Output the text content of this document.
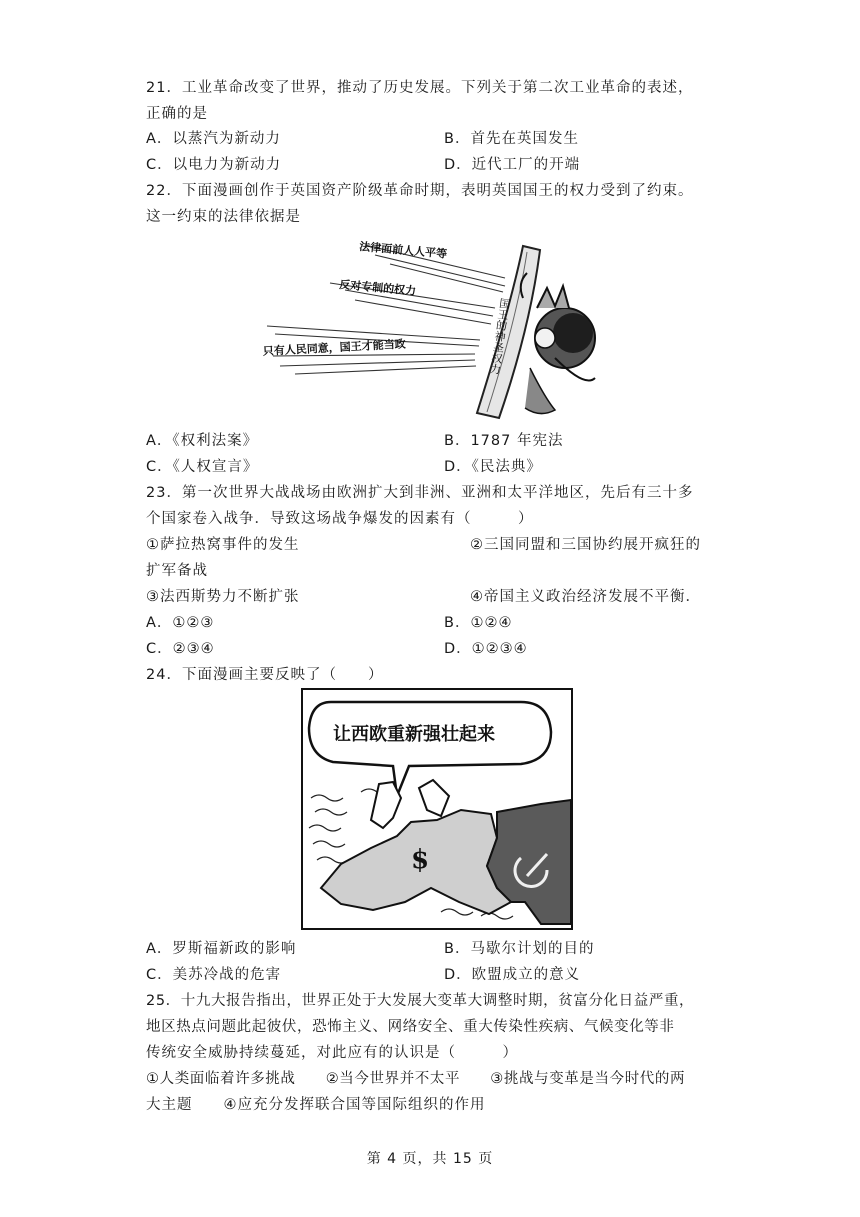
21．工业革命改变了世界，推动了历史发展。下列关于第二次工业革命的表述，
正确的是
A．以蒸汽为新动力	B．首先在英国发生
C．以电力为新动力	D．近代工厂的开端
22．下面漫画创作于英国资产阶级革命时期，表明英国国王的权力受到了约束。
这一约束的法律依据是
国王的神圣权力
法律面前人人平等
反对专制的权力
只有人民同意，国王才能当政
A．《权利法案》	B．1787 年宪法
C．《人权宣言》	D．《民法典》
23．第一次世界大战战场由欧洲扩大到非洲、亚洲和太平洋地区，先后有三十多
个国家卷入战争．导致这场战争爆发的因素有（　　　）
①萨拉热窝事件的发生	②三国同盟和三国协约展开疯狂的
扩军备战
③法西斯势力不断扩张	④帝国主义政治经济发展不平衡．
A．①②③	B．①②④
C．②③④	D．①②③④
24．下面漫画主要反映了（　　）
让西欧重新强壮起来
$
A．罗斯福新政的影响	B．马歇尔计划的目的
C．美苏冷战的危害	D．欧盟成立的意义
25．十九大报告指出，世界正处于大发展大变革大调整时期，贫富分化日益严重，
地区热点问题此起彼伏，恐怖主义、网络安全、重大传染性疾病、气候变化等非
传统安全威胁持续蔓延，对此应有的认识是（　　　）
①人类面临着许多挑战　　②当今世界并不太平　　③挑战与变革是当今时代的两
大主题　　④应充分发挥联合国等国际组织的作用
第 4 页，共 15 页
